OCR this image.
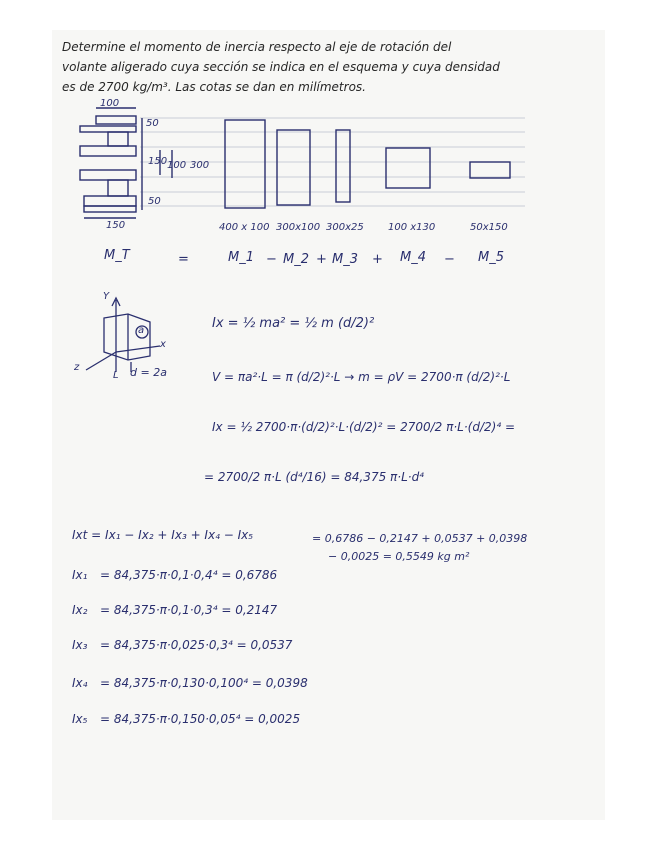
Determine el momento de inercia respecto al eje de rotación del
volante aligerado cuya sección se indica en el esquema y cuya densidad
es de 2700 kg/m³. Las cotas se dan en milímetros.
100
50
150 100 300
50
150	400 x 100 300x100 300x25 100 x130	50x150
M_T	=	M_1 − M_2 + M_3 + M_4 − M_5
Y
x
z
a
L d = 2a
Ix = ½ ma² = ½ m (d/2)²
V = πa²·L = π (d/2)²·L → m = ρV = 2700·π (d/2)²·L
Ix = ½ 2700·π·(d/2)²·L·(d/2)² = 2700/2 π·L·(d/2)⁴ =
= 2700/2 π·L (d⁴/16) = 84,375 π·L·d⁴
Ixt = Ix₁ − Ix₂ + Ix₃ + Ix₄ − Ix₅	= 0,6786 − 0,2147 + 0,0537 + 0,0398
− 0,0025 = 0,5549 kg m²
Ix₁ = 84,375·π·0,1·0,4⁴ = 0,6786
Ix₂ = 84,375·π·0,1·0,3⁴ = 0,2147
Ix₃ = 84,375·π·0,025·0,3⁴ = 0,0537
Ix₄ = 84,375·π·0,130·0,100⁴ = 0,0398
Ix₅ = 84,375·π·0,150·0,05⁴ = 0,0025
